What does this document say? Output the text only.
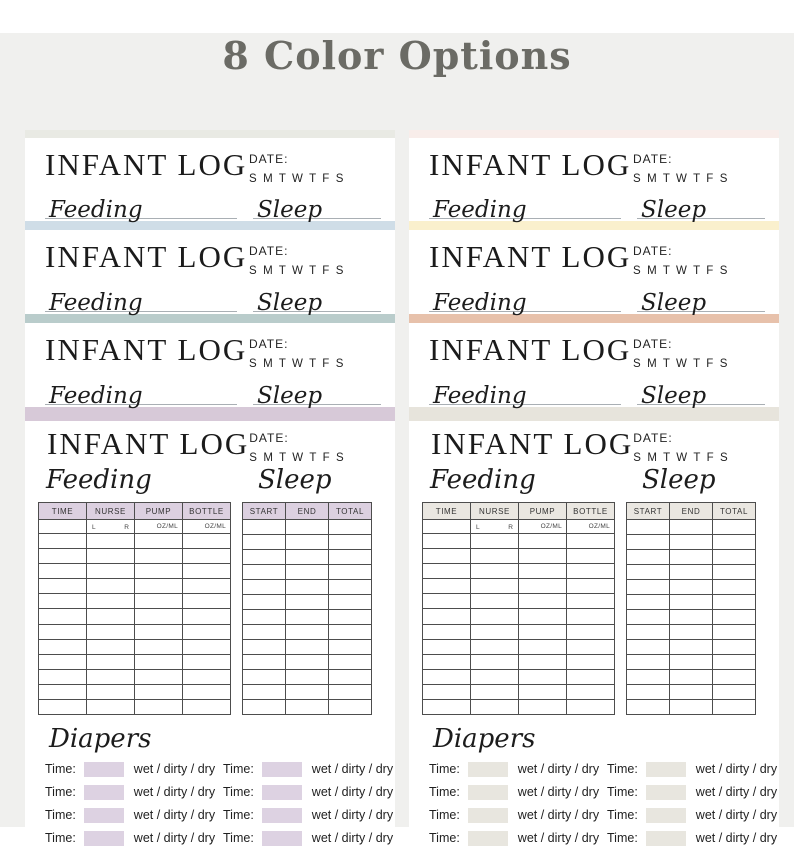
8 Color Options
INFANT LOG DATE:
S M T W T F S
Feeding	Sleep
INFANT LOG DATE:
S M T W T F S
Feeding	Sleep
INFANT LOG DATE:
S M T W T F S
Feeding	Sleep
INFANT LOG DATE:
S M T W T F S
Feeding	Sleep
TIME	NURSE	PUMP	BOTTLE

	L R	OZ/ML	OZ/ML

START	END	TOTAL

Diapers
Time:	wet / dirty / dry Time:	wet / dirty / dry
Time:	wet / dirty / dry Time:	wet / dirty / dry
Time:	wet / dirty / dry Time:	wet / dirty / dry
Time:	wet / dirty / dry Time:	wet / dirty / dry
INFANT LOG DATE:
S M T W T F S
Feeding	Sleep
INFANT LOG DATE:
S M T W T F S
Feeding	Sleep
INFANT LOG DATE:
S M T W T F S
Feeding	Sleep
INFANT LOG DATE:
S M T W T F S
Feeding	Sleep
TIME	NURSE	PUMP	BOTTLE

	L R	OZ/ML	OZ/ML

START	END	TOTAL

Diapers
Time:	wet / dirty / dry Time:	wet / dirty / dry
Time:	wet / dirty / dry Time:	wet / dirty / dry
Time:	wet / dirty / dry Time:	wet / dirty / dry
Time:	wet / dirty / dry Time:	wet / dirty / dry
